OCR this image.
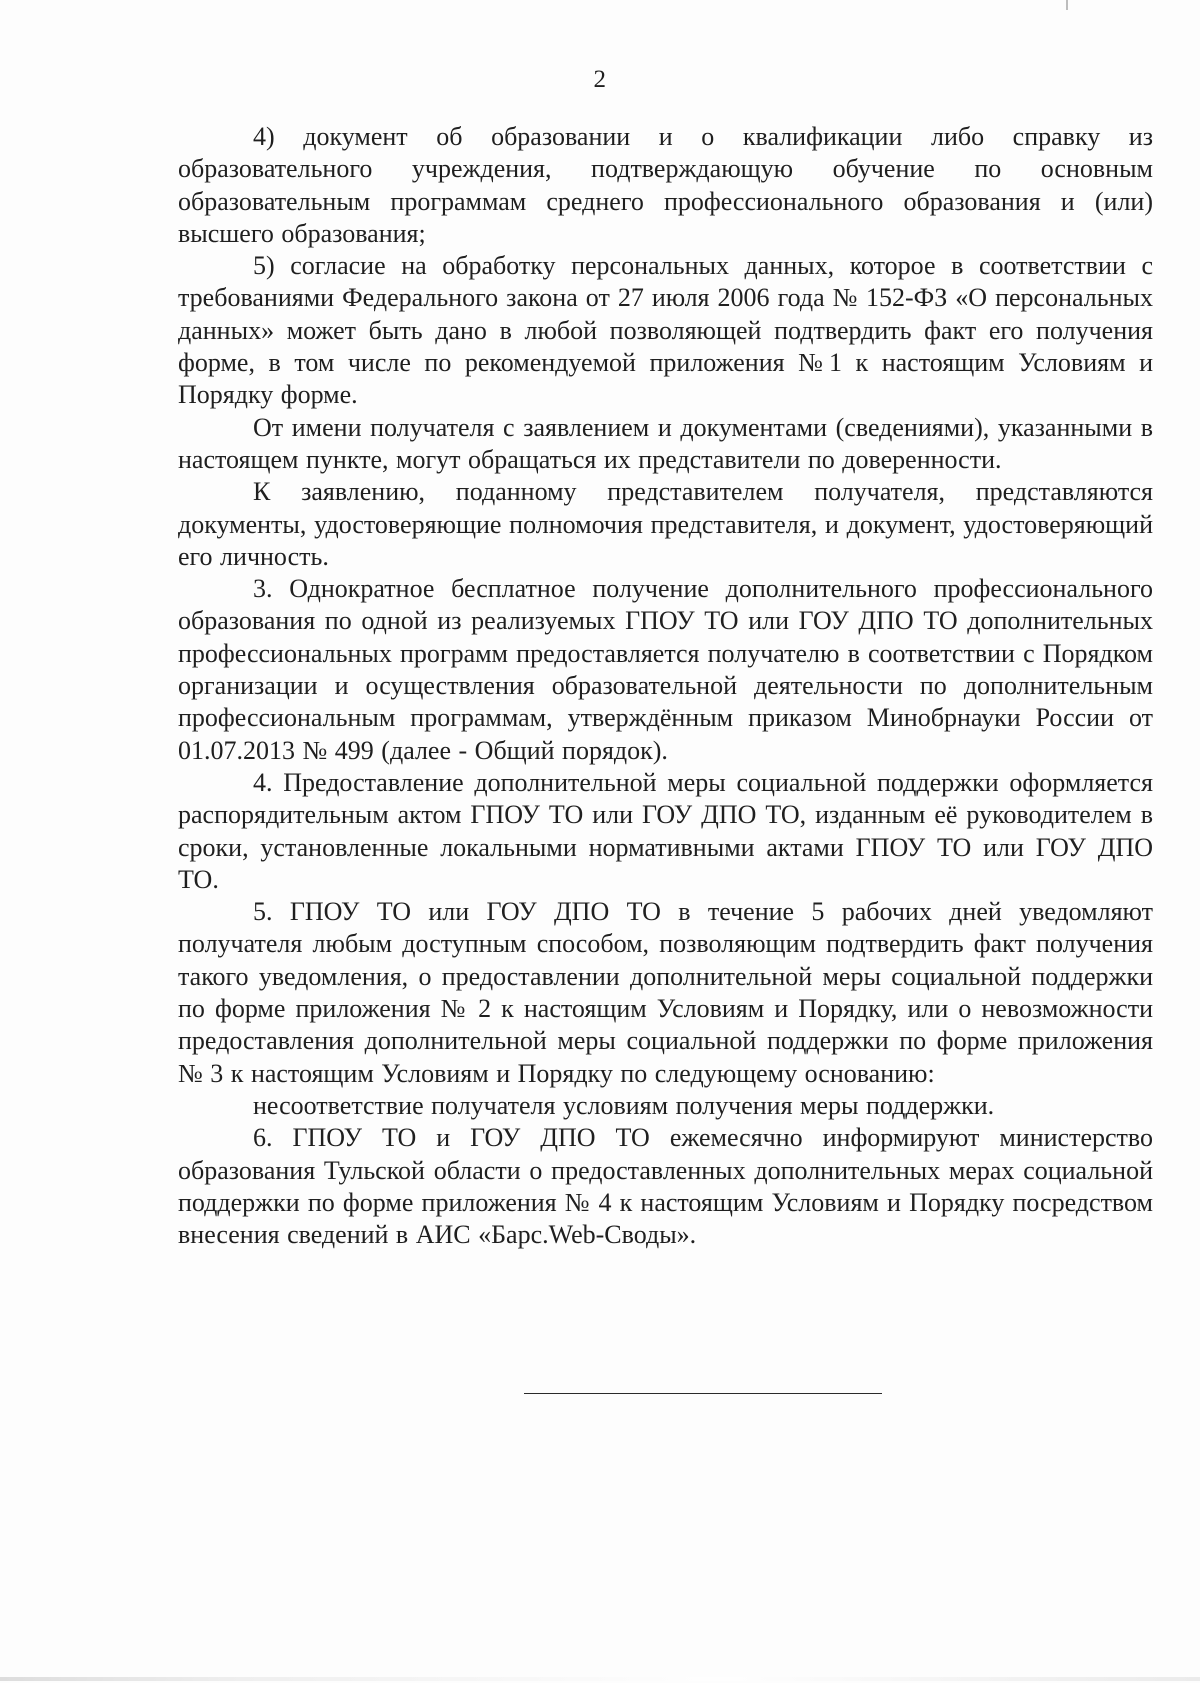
2

4) документ об образовании и о квалификации либо справку из образовательного учреждения, подтверждающую обучение по основным образовательным программам среднего профессионального образования и (или) высшего образования;

5) согласие на обработку персональных данных, которое в соответствии с требованиями Федерального закона от 27 июля 2006 года № 152-ФЗ «О персональных данных» может быть дано в любой позволяющей подтвердить факт его получения форме, в том числе по рекомендуемой приложения №1 к настоящим Условиям и Порядку форме.

От имени получателя с заявлением и документами (сведениями), указанными в настоящем пункте, могут обращаться их представители по доверенности.

К заявлению, поданному представителем получателя, представляются документы, удостоверяющие полномочия представителя, и документ, удостоверяющий его личность.

3. Однократное бесплатное получение дополнительного профессионального образования по одной из реализуемых ГПОУ ТО или ГОУ ДПО ТО дополнительных профессиональных программ предоставляется получателю в соответствии с Порядком организации и осуществления образовательной деятельности по дополнительным профессиональным программам, утверждённым приказом Минобрнауки России от 01.07.2013 № 499 (далее - Общий порядок).

4. Предоставление дополнительной меры социальной поддержки оформляется распорядительным актом ГПОУ ТО или ГОУ ДПО ТО, изданным её руководителем в сроки, установленные локальными нормативными актами ГПОУ ТО или ГОУ ДПО ТО.

5. ГПОУ ТО или ГОУ ДПО ТО в течение 5 рабочих дней уведомляют получателя любым доступным способом, позволяющим подтвердить факт получения такого уведомления, о предоставлении дополнительной меры социальной поддержки по форме приложения № 2 к настоящим Условиям и Порядку, или о невозможности предоставления дополнительной меры социальной поддержки по форме приложения № 3 к настоящим Условиям и Порядку по следующему основанию:

несоответствие получателя условиям получения меры поддержки.

6. ГПОУ ТО и ГОУ ДПО ТО ежемесячно информируют министерство образования Тульской области о предоставленных дополнительных мерах социальной поддержки по форме приложения № 4 к настоящим Условиям и Порядку посредством внесения сведений в АИС «Барс.Web-Своды».
